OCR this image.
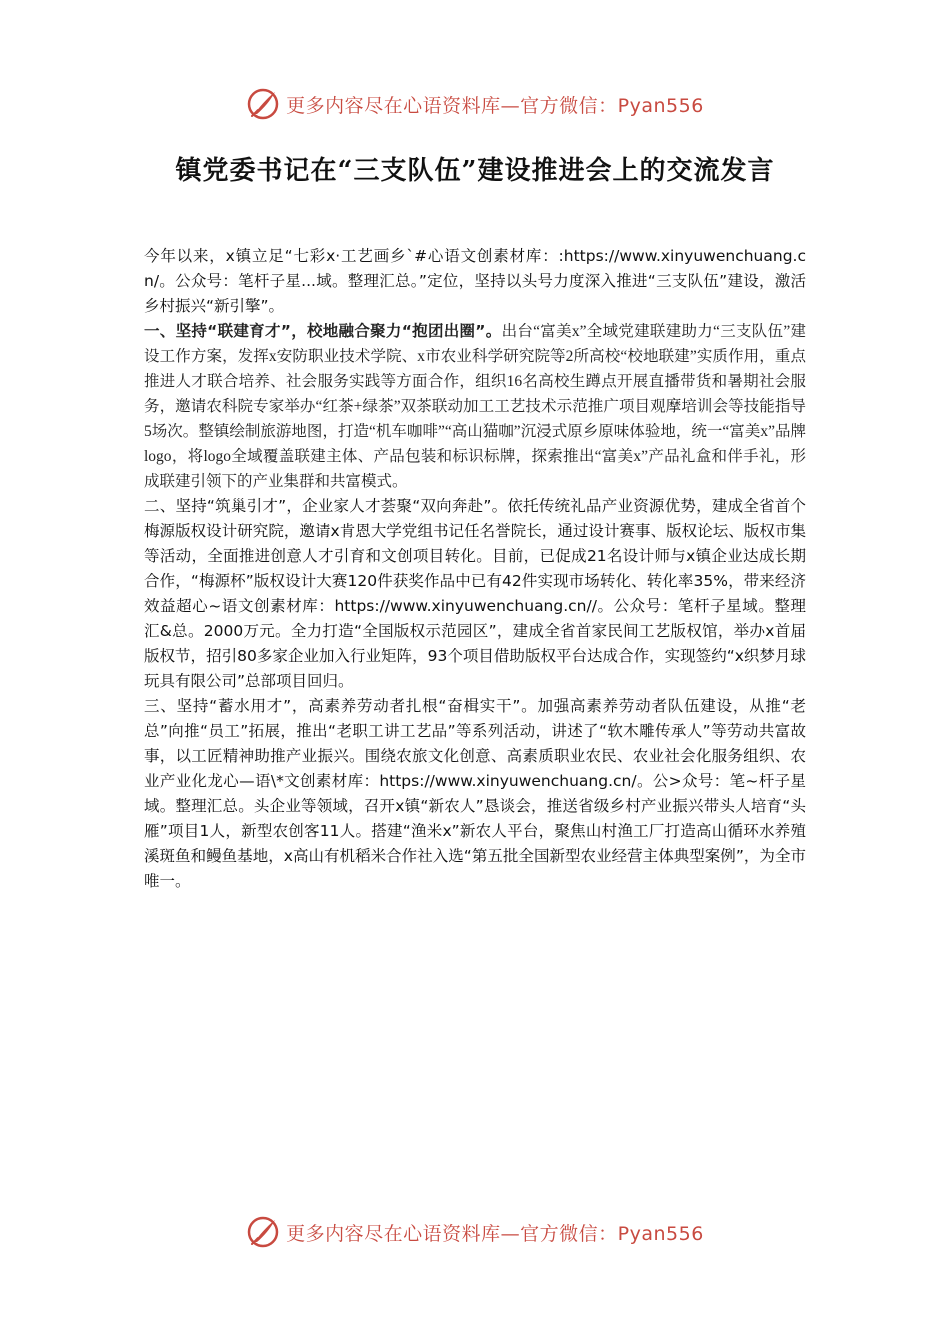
更多内容尽在心语资料库—官方微信：Pyan556
镇党委书记在“三支队伍”建设推进会上的交流发言

今年以来，x镇立足“七彩x·工艺画乡`#心语文创素材库：:https://www.xinyuwenchuang.cn/。公众号：笔杆子星...域。整理汇总。”定位，坚持以头号力度深入推进“三支队伍”建设，激活乡村振兴“新引擎”。

一、坚持“联建育才”，校地融合聚力“抱团出圈”。出台“富美x”全域党建联建助力“三支队伍”建设工作方案，发挥x安防职业技术学院、x市农业科学研究院等2所高校“校地联建”实质作用，重点推进人才联合培养、社会服务实践等方面合作，组织16名高校生蹲点开展直播带货和暑期社会服务，邀请农科院专家举办“红茶+绿茶”双茶联动加工工艺技术示范推广项目观摩培训会等技能指导5场次。整镇绘制旅游地图，打造“机车咖啡”“高山猫咖”沉浸式原乡原味体验地，统一“富美x”品牌logo，将logo全域覆盖联建主体、产品包装和标识标牌，探索推出“富美x”产品礼盒和伴手礼，形成联建引领下的产业集群和共富模式。

二、坚持“筑巢引才”，企业家人才荟聚“双向奔赴”。依托传统礼品产业资源优势，建成全省首个梅源版权设计研究院，邀请x肯恩大学党组书记任名誉院长，通过设计赛事、版权论坛、版权市集等活动，全面推进创意人才引育和文创项目转化。目前，已促成21名设计师与x镇企业达成长期合作，“梅源杯”版权设计大赛120件获奖作品中已有42件实现市场转化、转化率35%，带来经济效益超心~语文创素材库：https://www.xinyuwenchuang.cn//。公众号：笔杆子星域。整理汇&总。2000万元。全力打造“全国版权示范园区”，建成全省首家民间工艺版权馆，举办x首届版权节，招引80多家企业加入行业矩阵，93个项目借助版权平台达成合作，实现签约“x织梦月球玩具有限公司”总部项目回归。

三、坚持“蓄水用才”，高素养劳动者扎根“奋楫实干”。加强高素养劳动者队伍建设，从推“老总”向推“员工”拓展，推出“老职工讲工艺品”等系列活动，讲述了“软木雕传承人”等劳动共富故事，以工匠精神助推产业振兴。围绕农旅文化创意、高素质职业农民、农业社会化服务组织、农业产业化龙心—语\*文创素材库：https://www.xinyuwenchuang.cn/。公>众号：笔~杆子星域。整理汇总。头企业等领域，召开x镇“新农人”恳谈会，推送省级乡村产业振兴带头人培育“头雁”项目1人，新型农创客11人。搭建“渔米x”新农人平台，聚焦山村渔工厂打造高山循环水养殖溪斑鱼和鳗鱼基地，x高山有机稻米合作社入选“第五批全国新型农业经营主体典型案例”，为全市唯一。

更多内容尽在心语资料库—官方微信：Pyan556
